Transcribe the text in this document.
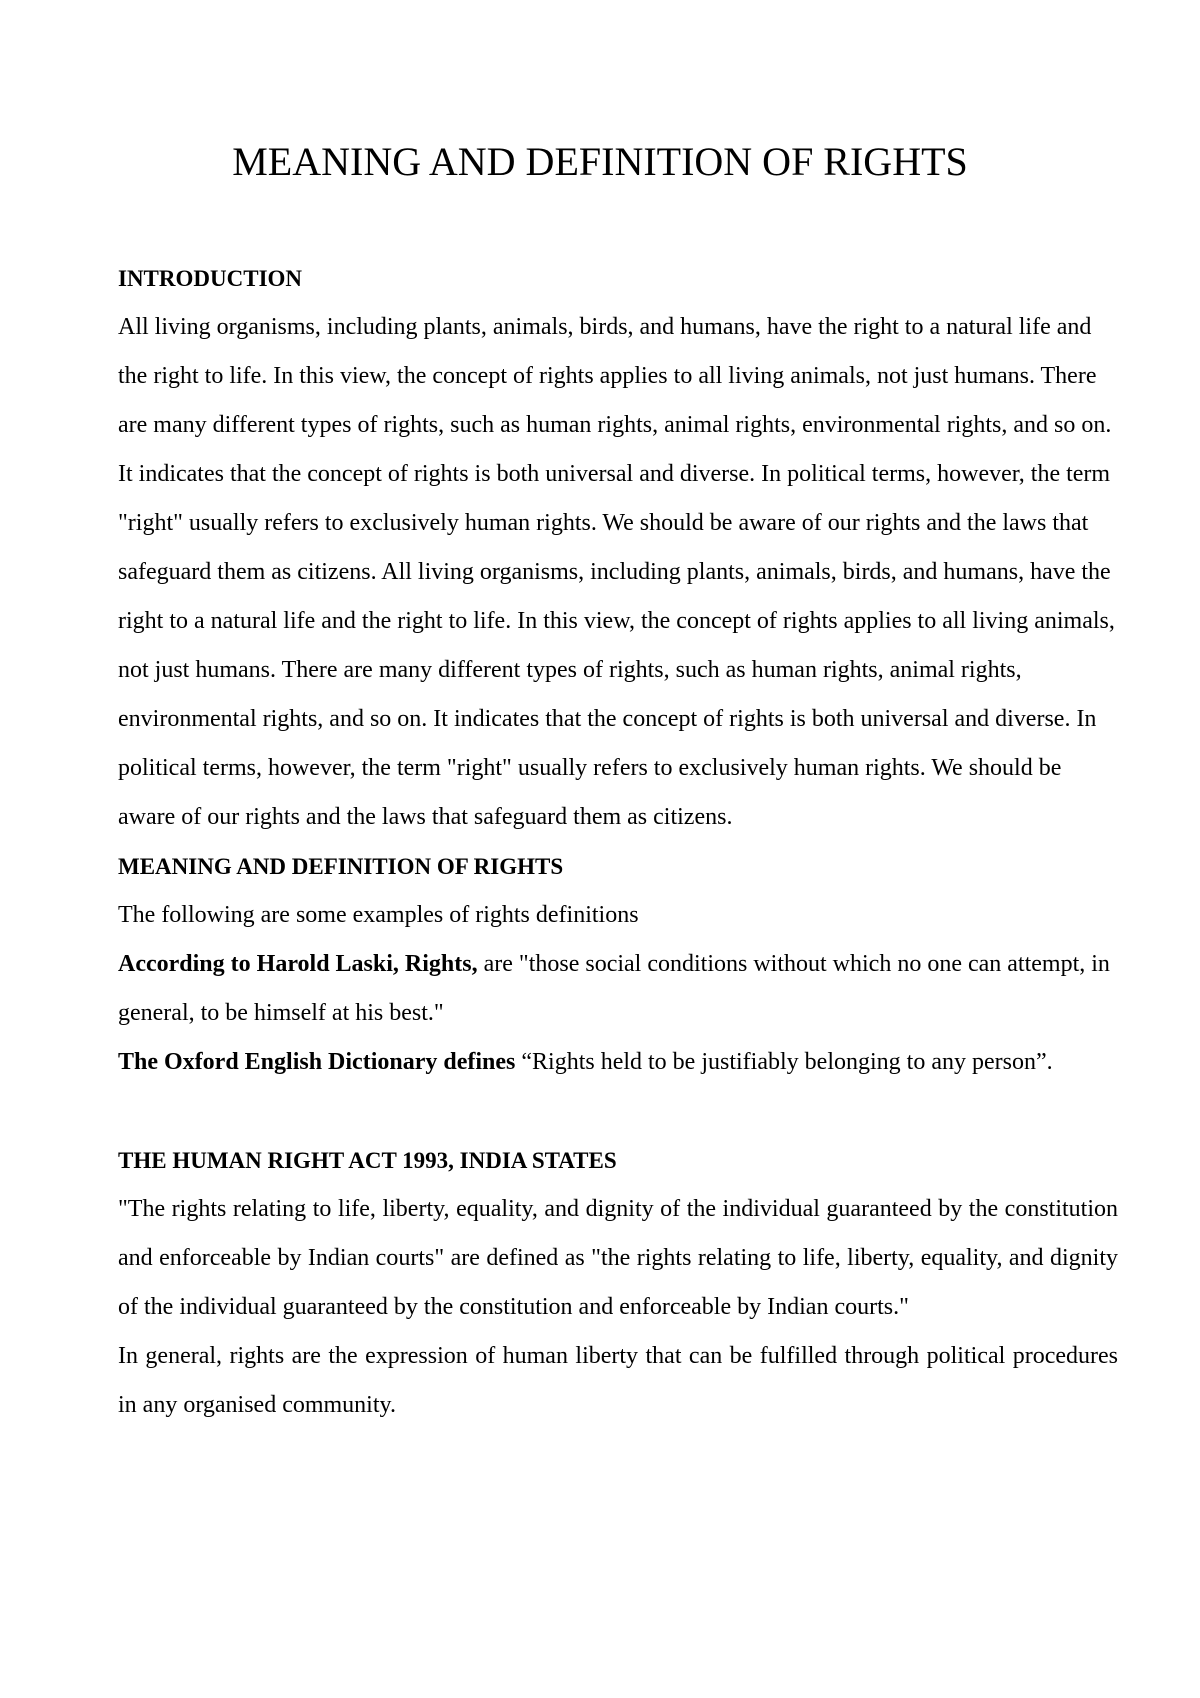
MEANING AND DEFINITION OF RIGHTS

INTRODUCTION

All living organisms, including plants, animals, birds, and humans, have the right to a natural life and the right to life. In this view, the concept of rights applies to all living animals, not just humans. There are many different types of rights, such as human rights, animal rights, environmental rights, and so on. It indicates that the concept of rights is both universal and diverse. In political terms, however, the term "right" usually refers to exclusively human rights. We should be aware of our rights and the laws that safeguard them as citizens. All living organisms, including plants, animals, birds, and humans, have the right to a natural life and the right to life. In this view, the concept of rights applies to all living animals, not just humans. There are many different types of rights, such as human rights, animal rights, environmental rights, and so on. It indicates that the concept of rights is both universal and diverse. In political terms, however, the term "right" usually refers to exclusively human rights. We should be aware of our rights and the laws that safeguard them as citizens.

MEANING AND DEFINITION OF RIGHTS

The following are some examples of rights definitions

According to Harold Laski, Rights, are "those social conditions without which no one can attempt, in general, to be himself at his best."

The Oxford English Dictionary defines “Rights held to be justifiably belonging to any person”.

THE HUMAN RIGHT ACT 1993, INDIA STATES

"The rights relating to life, liberty, equality, and dignity of the individual guaranteed by the constitution and enforceable by Indian courts" are defined as "the rights relating to life, liberty, equality, and dignity of the individual guaranteed by the constitution and enforceable by Indian courts."

In general, rights are the expression of human liberty that can be fulfilled through political procedures in any organised community.
